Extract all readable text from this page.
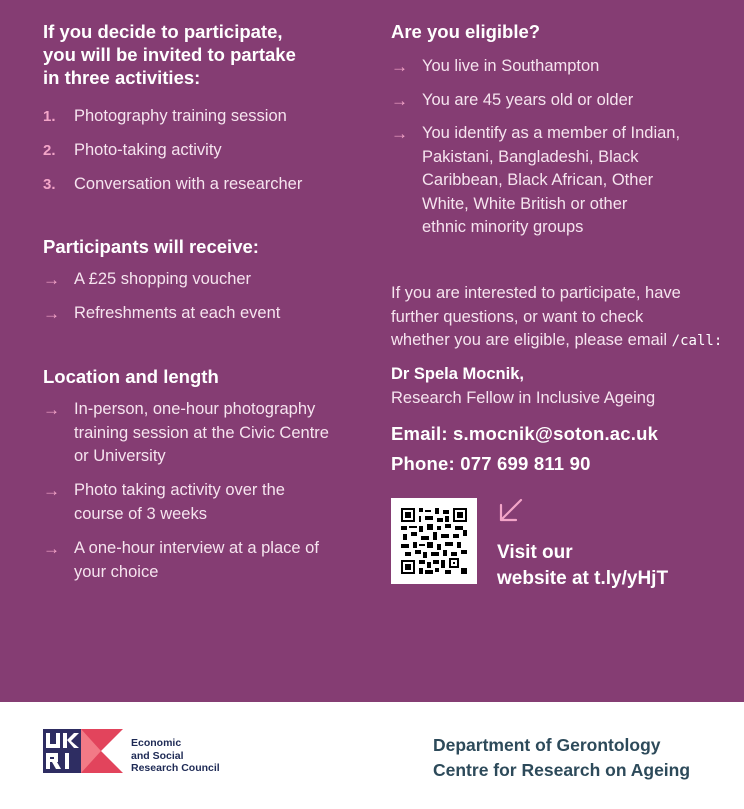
If you decide to participate,
you will be invited to partake
in three activities:
1. Photography training session
2. Photo-taking activity
3. Conversation with a researcher
Participants will receive:
→ A £25 shopping voucher
→ Refreshments at each event
Location and length
→ In-person, one-hour photography
training session at the Civic Centre
or University
→ Photo taking activity over the
course of 3 weeks
→ A one-hour interview at a place of
your choice
Are you eligible?
→ You live in Southampton
→ You are 45 years old or older
→ You identify as a member of Indian,
Pakistani, Bangladeshi, Black
Caribbean, Black African, Other
White, White British or other
ethnic minority groups
If you are interested to participate, have
further questions, or want to check
whether you are eligible, please email /call:
Dr Spela Mocnik,
Research Fellow in Inclusive Ageing
Email: s.mocnik@soton.ac.uk
Phone: 077 699 811 90
Visit our
website at t.ly/yHjT
Economic
and Social
Research Council
Department of Gerontology
Centre for Research on Ageing
